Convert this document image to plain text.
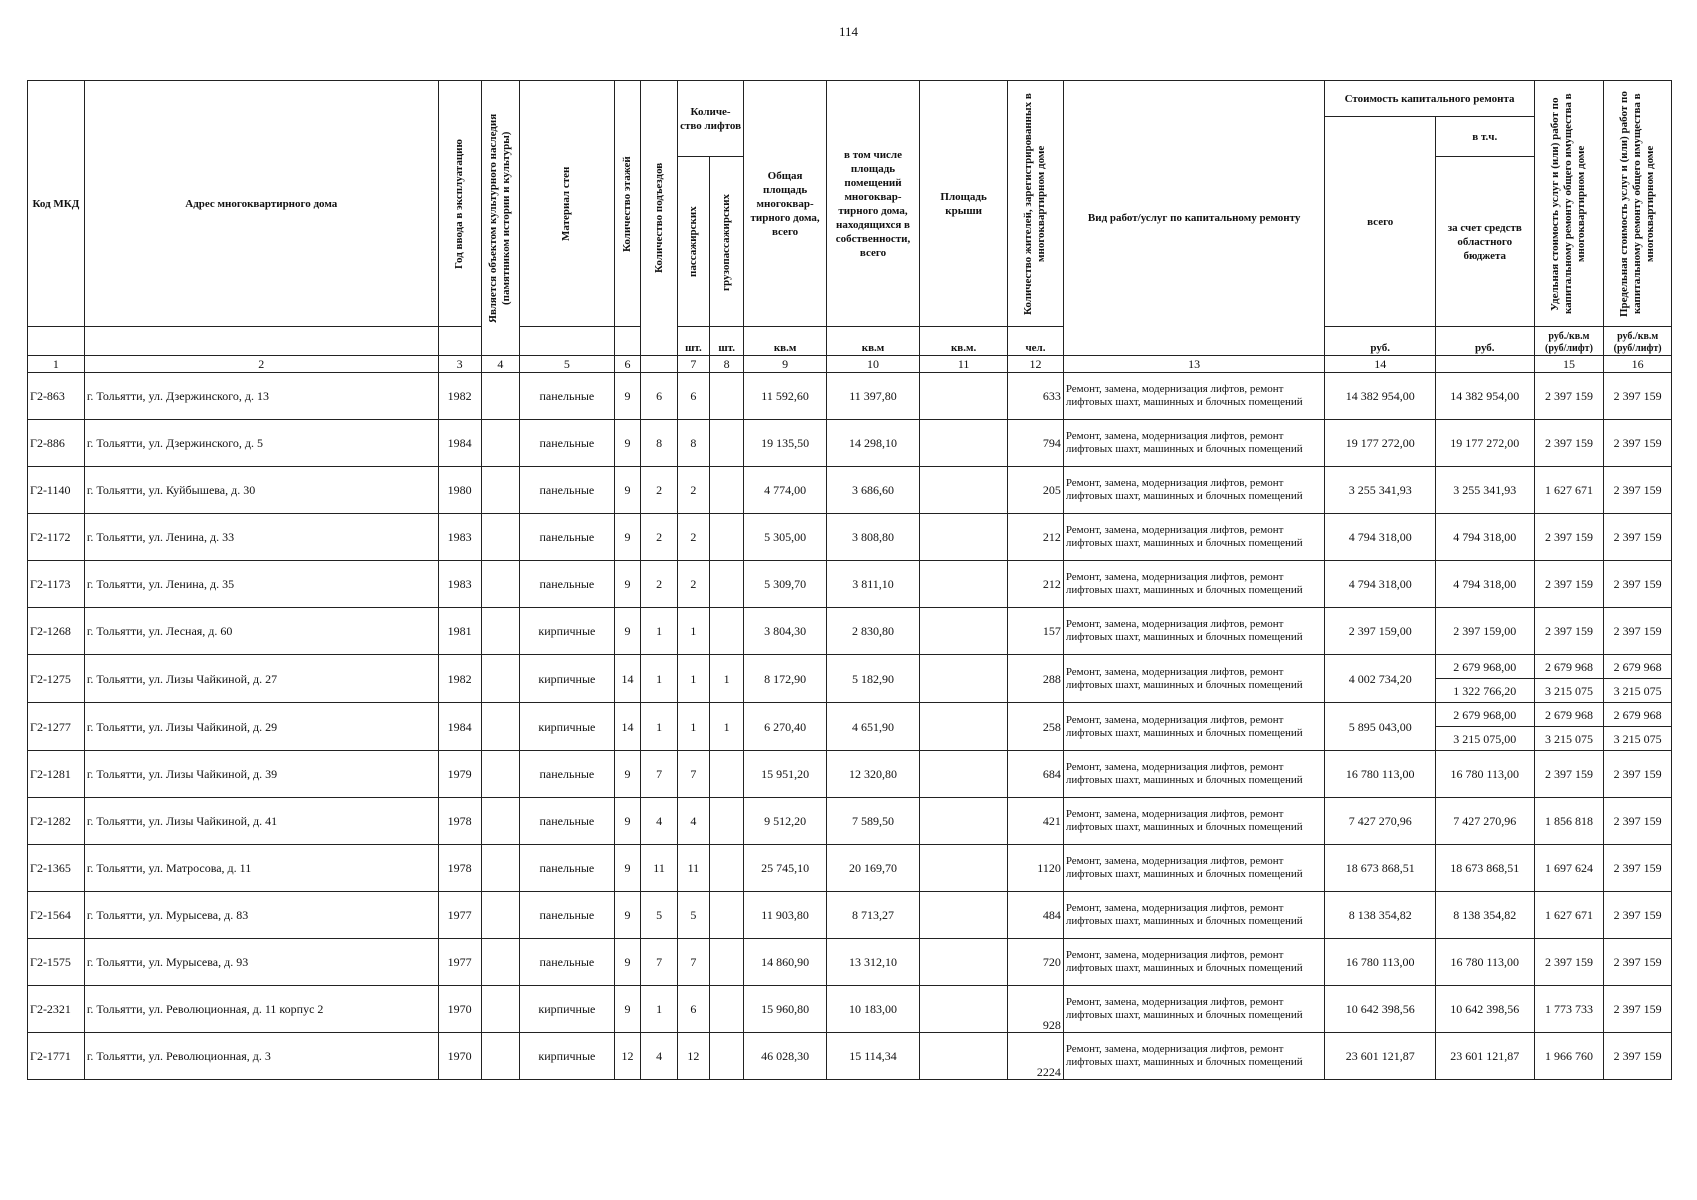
114
Код МКД	Адрес многоквартирного дома	Год ввода в эксплуатацию	Является объектом культурного наследия (памятником истории и культуры)	Материал стен	Количество этажей	Количество подъездов	Количе-ство лифтов		Общая площадь многоквар-тирного дома, всего	в том числе площадь помещений многоквар-тирного дома, находящихся в собственности, всего	Площадь крыши	Количество жителей, зарегистрированных в многоквартирном доме	Вид работ/услуг по капитальному ремонту	Стоимость капитального ремонта		Удельная стоимость услуг и (или) работ по капитальному ремонту общего имущества в многоквартирном доме	Предельная стоимость услуг и (или) работ по капитальному ремонту общего имущества в многоквартирном доме

														всего	в т.ч.		

							пассажирских	грузопассажирских							за счет средств областного бюджета		
							шт.	шт.	кв.м	кв.м	кв.м.	чел.		руб.	руб.	руб./кв.м (руб/лифт)	руб./кв.м (руб/лифт)
1	2	3	4	5	6		7	8	9	10	11	12	13	14		15	16
Г2-863	г. Тольятти, ул. Дзержинского, д. 13	1982		панельные	9	6	6		11 592,60	11 397,80		633	Ремонт, замена, модернизация лифтов, ремонт лифтовых шахт, машинных и блочных помещений	14 382 954,00	14 382 954,00	2 397 159	2 397 159
Г2-886	г. Тольятти, ул. Дзержинского, д. 5	1984		панельные	9	8	8		19 135,50	14 298,10		794	Ремонт, замена, модернизация лифтов, ремонт лифтовых шахт, машинных и блочных помещений	19 177 272,00	19 177 272,00	2 397 159	2 397 159
Г2-1140	г. Тольятти, ул. Куйбышева, д. 30	1980		панельные	9	2	2		4 774,00	3 686,60		205	Ремонт, замена, модернизация лифтов, ремонт лифтовых шахт, машинных и блочных помещений	3 255 341,93	3 255 341,93	1 627 671	2 397 159
Г2-1172	г. Тольятти, ул. Ленина, д. 33	1983		панельные	9	2	2		5 305,00	3 808,80		212	Ремонт, замена, модернизация лифтов, ремонт лифтовых шахт, машинных и блочных помещений	4 794 318,00	4 794 318,00	2 397 159	2 397 159
Г2-1173	г. Тольятти, ул. Ленина, д. 35	1983		панельные	9	2	2		5 309,70	3 811,10		212	Ремонт, замена, модернизация лифтов, ремонт лифтовых шахт, машинных и блочных помещений	4 794 318,00	4 794 318,00	2 397 159	2 397 159
Г2-1268	г. Тольятти, ул. Лесная, д. 60	1981		кирпичные	9	1	1		3 804,30	2 830,80		157	Ремонт, замена, модернизация лифтов, ремонт лифтовых шахт, машинных и блочных помещений	2 397 159,00	2 397 159,00	2 397 159	2 397 159
Г2-1275	г. Тольятти, ул. Лизы Чайкиной, д. 27	1982		кирпичные	14	1	1	1	8 172,90	5 182,90		288	Ремонт, замена, модернизация лифтов, ремонт лифтовых шахт, машинных и блочных помещений	4 002 734,20	2 679 968,00	2 679 968	2 679 968
															1 322 766,20	3 215 075	3 215 075
Г2-1277	г. Тольятти, ул. Лизы Чайкиной, д. 29	1984		кирпичные	14	1	1	1	6 270,40	4 651,90		258	Ремонт, замена, модернизация лифтов, ремонт лифтовых шахт, машинных и блочных помещений	5 895 043,00	2 679 968,00	2 679 968	2 679 968
															3 215 075,00	3 215 075	3 215 075
Г2-1281	г. Тольятти, ул. Лизы Чайкиной, д. 39	1979		панельные	9	7	7		15 951,20	12 320,80		684	Ремонт, замена, модернизация лифтов, ремонт лифтовых шахт, машинных и блочных помещений	16 780 113,00	16 780 113,00	2 397 159	2 397 159
Г2-1282	г. Тольятти, ул. Лизы Чайкиной, д. 41	1978		панельные	9	4	4		9 512,20	7 589,50		421	Ремонт, замена, модернизация лифтов, ремонт лифтовых шахт, машинных и блочных помещений	7 427 270,96	7 427 270,96	1 856 818	2 397 159
Г2-1365	г. Тольятти, ул. Матросова, д. 11	1978		панельные	9	11	11		25 745,10	20 169,70		1120	Ремонт, замена, модернизация лифтов, ремонт лифтовых шахт, машинных и блочных помещений	18 673 868,51	18 673 868,51	1 697 624	2 397 159
Г2-1564	г. Тольятти, ул. Мурысева, д. 83	1977		панельные	9	5	5		11 903,80	8 713,27		484	Ремонт, замена, модернизация лифтов, ремонт лифтовых шахт, машинных и блочных помещений	8 138 354,82	8 138 354,82	1 627 671	2 397 159
Г2-1575	г. Тольятти, ул. Мурысева, д. 93	1977		панельные	9	7	7		14 860,90	13 312,10		720	Ремонт, замена, модернизация лифтов, ремонт лифтовых шахт, машинных и блочных помещений	16 780 113,00	16 780 113,00	2 397 159	2 397 159
Г2-2321	г. Тольятти, ул. Революционная, д. 11 корпус 2	1970		кирпичные	9	1	6		15 960,80	10 183,00		928	Ремонт, замена, модернизация лифтов, ремонт лифтовых шахт, машинных и блочных помещений	10 642 398,56	10 642 398,56	1 773 733	2 397 159
Г2-1771	г. Тольятти, ул. Революционная, д. 3	1970		кирпичные	12	4	12		46 028,30	15 114,34		2224	Ремонт, замена, модернизация лифтов, ремонт лифтовых шахт, машинных и блочных помещений	23 601 121,87	23 601 121,87	1 966 760	2 397 159
